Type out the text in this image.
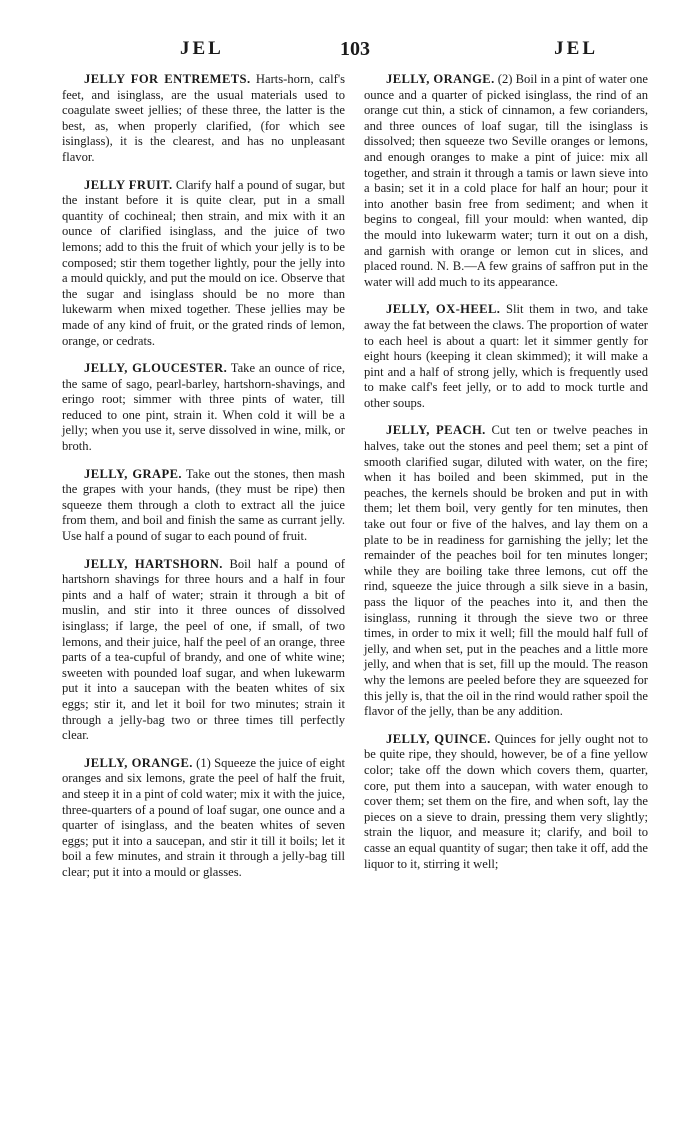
JEL	103	JEL

JELLY FOR ENTREMETS. Harts-horn, calf's feet, and isinglass, are the usual materials used to coagulate sweet jellies; of these three, the latter is the best, as, when properly clarified, (for which see isinglass), it is the clearest, and has no unpleasant flavor.

JELLY FRUIT. Clarify half a pound of sugar, but the instant before it is quite clear, put in a small quantity of cochineal; then strain, and mix with it an ounce of clarified isinglass, and the juice of two lemons; add to this the fruit of which your jelly is to be composed; stir them together lightly, pour the jelly into a mould quickly, and put the mould on ice. Observe that the sugar and isinglass should be no more than lukewarm when mixed together. These jellies may be made of any kind of fruit, or the grated rinds of lemon, orange, or cedrats.

JELLY, GLOUCESTER. Take an ounce of rice, the same of sago, pearl-barley, hartshorn-shavings, and eringo root; simmer with three pints of water, till reduced to one pint, strain it. When cold it will be a jelly; when you use it, serve dissolved in wine, milk, or broth.

JELLY, GRAPE. Take out the stones, then mash the grapes with your hands, (they must be ripe) then squeeze them through a cloth to extract all the juice from them, and boil and finish the same as currant jelly. Use half a pound of sugar to each pound of fruit.

JELLY, HARTSHORN. Boil half a pound of hartshorn shavings for three hours and a half in four pints and a half of water; strain it through a bit of muslin, and stir into it three ounces of dissolved isinglass; if large, the peel of one, if small, of two lemons, and their juice, half the peel of an orange, three parts of a tea-cupful of brandy, and one of white wine; sweeten with pounded loaf sugar, and when lukewarm put it into a saucepan with the beaten whites of six eggs; stir it, and let it boil for two minutes; strain it through a jelly-bag two or three times till perfectly clear.

JELLY, ORANGE. (1) Squeeze the juice of eight oranges and six lemons, grate the peel of half the fruit, and steep it in a pint of cold water; mix it with the juice, three-quarters of a pound of loaf sugar, one ounce and a quarter of isinglass, and the beaten whites of seven eggs; put it into a saucepan, and stir it till it boils; let it boil a few minutes, and strain it through a jelly-bag till clear; put it into a mould or glasses.

JELLY, ORANGE. (2) Boil in a pint of water one ounce and a quarter of picked isinglass, the rind of an orange cut thin, a stick of cinnamon, a few corianders, and three ounces of loaf sugar, till the isinglass is dissolved; then squeeze two Seville oranges or lemons, and enough oranges to make a pint of juice: mix all together, and strain it through a tamis or lawn sieve into a basin; set it in a cold place for half an hour; pour it into another basin free from sediment; and when it begins to congeal, fill your mould: when wanted, dip the mould into lukewarm water; turn it out on a dish, and garnish with orange or lemon cut in slices, and placed round. N. B.—A few grains of saffron put in the water will add much to its appearance.

JELLY, OX-HEEL. Slit them in two, and take away the fat between the claws. The proportion of water to each heel is about a quart: let it simmer gently for eight hours (keeping it clean skimmed); it will make a pint and a half of strong jelly, which is frequently used to make calf's feet jelly, or to add to mock turtle and other soups.

JELLY, PEACH. Cut ten or twelve peaches in halves, take out the stones and peel them; set a pint of smooth clarified sugar, diluted with water, on the fire; when it has boiled and been skimmed, put in the peaches, the kernels should be broken and put in with them; let them boil, very gently for ten minutes, then take out four or five of the halves, and lay them on a plate to be in readiness for garnishing the jelly; let the remainder of the peaches boil for ten minutes longer; while they are boiling take three lemons, cut off the rind, squeeze the juice through a silk sieve in a basin, pass the liquor of the peaches into it, and then the isinglass, running it through the sieve two or three times, in order to mix it well; fill the mould half full of jelly, and when set, put in the peaches and a little more jelly, and when that is set, fill up the mould. The reason why the lemons are peeled before they are squeezed for this jelly is, that the oil in the rind would rather spoil the flavor of the jelly, than be any addition.

JELLY, QUINCE. Quinces for jelly ought not to be quite ripe, they should, however, be of a fine yellow color; take off the down which covers them, quarter, core, put them into a saucepan, with water enough to cover them; set them on the fire, and when soft, lay the pieces on a sieve to drain, pressing them very slightly; strain the liquor, and measure it; clarify, and boil to casse an equal quantity of sugar; then take it off, add the liquor to it, stirring it well;
